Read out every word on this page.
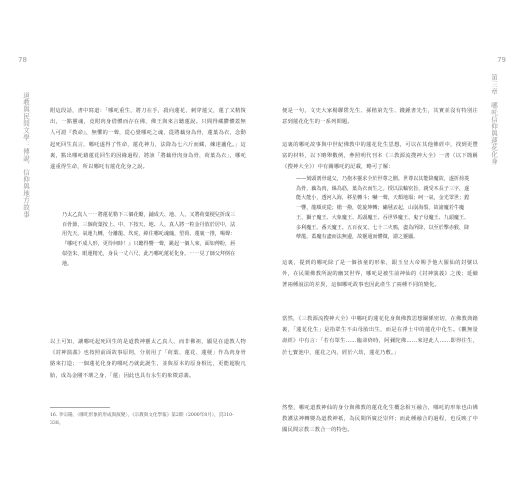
78
道教與民間文學：傳說、信仰與地方故事	附這段話，書中寫道：「哪吒重生，將刀在手，殺向蓮花，刺穿蓮父，蓮了又精復出，一點靈魂，竟附肉身借體而存在佛，佛王與來言聽蓮說。只間得藏鬱體蓋無人可證『教命』，無懼的一聲，從心覺哪吒之魂，從將藕身為骨，蓮葉為衣，念動起死回生真言，哪吒遂得了性命，蓮花神力，法降為七六斤而藏，練達蘆化。」這裏，點出哪吒藉蓮花回生的因緣過程，將該「將藕骨肉身為骨，荷葉為衣」，哪吒遂重得生命，所以哪吒有蓮花化身之說。

乃太乙真人⋯⋯將蓮花勒下三個花瓣，鋪成天、地、人，又將荷葉梗兒折成三百骨節，三個荷葉按上、中、下按天、地、人。真人將一粒金丹放於居中，法用先天，氣運九轉，分離龍、坎虎，綽住哪吒魂魄，望荷、蓮裏一推，喝聲：『哪吒不成人形，更待何時！』只聽得響一聲，跳起一個人來，面如傅粉，唇似塗朱，眼運精光，身長一丈六尺，此乃哪吒蓮花化身。⋯⋯見了師父拜倒在地。

以上可知，讓哪吒起死回生的是道教神靈太乙真人，而非佛祖，顯見在道教人物《封神演義》也按照前面故事原則，分別用了「荷葉、蓮花、蓮梗」作為肉身骨骼來打造；一個蓮花化身的哪吒乃就此誕生，並與原本的原身相比，更能超脫凡胎，成為金剛不壞之身，「蓮」因此也具有永生的象徵意義。

16. 李宗陽，〈哪吒形象的形成與演變〉，《宗教與文化學報》第2期（2000年8月），頁310-338。

79
第三章　哪吒信仰與蓮花化身

便是一句，文史大家楊聯陞先生、孫楷第先生、錢鍾書先生，其實並沒有特別注意到蓮花化生的一系列問題。

這裏的哪吒故事與中世紀佛教中的蓮花化生思想，可以在其他佛經中，找到更豐富的材料，以下略舉數例，參照明代刊本《三教源流搜神大全》一書（以下簡稱《搜神大全》）中有關哪吒的記載，略可了解：

——刻頭剖骨還父，乃抱本靈求全於世尊之側。世尊以其能降魔故，遂折荷菱為骨，藕為肉，絲為筋，葉為衣而生之。授以法輪密旨，親受木長子三字，遂能大能小，透河入海，移星轉斗；嚇一聲，天頹地塌；呵一氣，金光罩世；鍠一響，龍順虎從；槍一撥，乾旋坤轉；繡毬丟起，山崩海裂。故諸魔若牛魔王、獅子魔王、大象魔王、馬頭魔王、吞世界魔王、鬼子母魔王、九頭魔王、多利魔王、番天魔王、五百夜叉、七十二火鴉，盡為所降，以至於擊赤猴，降孽龍。蓋魔有盡而法無邊，故靈通而體微，謂之靈顯。

這裏，提到的哪吒除了是一個孩童的形象，跟玉皇大帝賜予他大羅仙的封號以外，在民間佛教所說的幽冥世界，哪吒是被生前神仙的《封神演義》之後；延續著兩種說法的差異，這個哪吒故事也因此產生了兩種不同的變化。

當然，《三教源流搜神大全》中哪吒的蓮花化身與佛教思想關係密切，在佛教典籍裏，「蓮花化生」是指眾生不由母胎出生，而是在淨土中的蓮花中化生。《觀無量壽經》中有言：「若有眾生……臨命終時，阿彌陀佛……來迎此人……即得往生，於七寶池中，蓮花之內，經於六劫，蓮花乃敷。」

然整，哪吒道教神仙的身分與佛教的蓮花化生概念相互融合，哪吒的形象也由佛教護法神轉變為道教神祇，為民間所廣泛崇拜；而此種融合的過程，也反映了中國民間宗教三教合一的特色。
